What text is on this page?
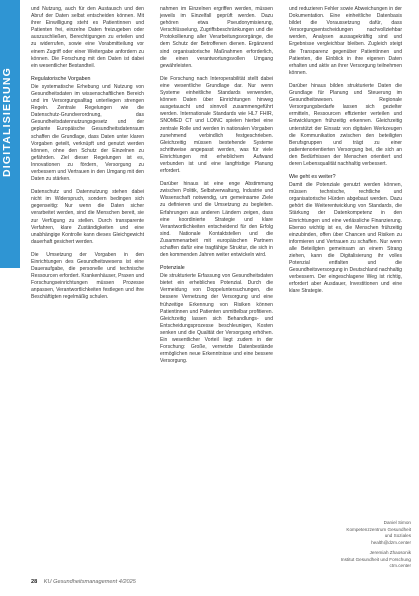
DIGITALISIERUNG

und Nutzung, auch für den Austausch und den Abruf der Daten selbst entscheiden können. Mit ihrer Einwilligung steht es Patientinnen und Patienten frei, einzelne Daten freizugeben oder auszuschließen, Berechtigungen zu erteilen und zu widerrufen, sowie eine Vorabmitteilung vor einem Zugriff oder einer Weitergabe anfordern zu können. Die Forschung mit den Daten ist dabei ein wesentlicher Bestandteil.

Regulatorische Vorgaben

Die systematische Erhebung und Nutzung von Gesundheitsdaten im wissenschaftlichen Bereich und im Versorgungsalltag unterliegen strengen Regeln. Zentrale Regelungen wie die Datenschutz-Grundverordnung, das Gesundheitsdatennutzungsgesetz und der geplante Europäische Gesundheitsdatenraum schaffen die Grundlage, dass Daten unter klaren Vorgaben geteilt, verknüpft und genutzt werden können, ohne den Schutz der Einzelnen zu gefährden. Ziel dieser Regelungen ist es, Innovationen zu fördern, Versorgung zu verbessern und Vertrauen in den Umgang mit den Daten zu stärken.

Datenschutz und Datennutzung stehen dabei nicht im Widerspruch, sondern bedingen sich gegenseitig: Nur wenn die Daten sicher verarbeitet werden, sind die Menschen bereit, sie zur Verfügung zu stellen. Durch transparente Verfahren, klare Zuständigkeiten und eine unabhängige Kontrolle kann dieses Gleichgewicht dauerhaft gesichert werden.

Die Umsetzung der Vorgaben in den Einrichtungen des Gesundheitswesens ist eine Daueraufgabe, die personelle und technische Ressourcen erfordert. Krankenhäuser, Praxen und Forschungseinrichtungen müssen Prozesse anpassen, Verantwortlichkeiten festlegen und ihre Beschäftigten regelmäßig schulen.

nahmen im Einzelnen ergriffen werden, müssen jeweils im Einzelfall geprüft werden. Dazu gehören etwa Pseudonymisierung, Verschlüsselung, Zugriffsbeschränkungen und die Protokollierung aller Verarbeitungsvorgänge, die dem Schutz der Betroffenen dienen. Ergänzend sind organisatorische Maßnahmen erforderlich, die einen verantwortungsvollen Umgang gewährleisten.

Die Forschung nach Interoperabilität stellt dabei eine wesentliche Grundlage dar. Nur wenn Systeme einheitliche Standards verwenden, können Daten über Einrichtungen hinweg ausgetauscht und sinnvoll zusammengeführt werden. Internationale Standards wie HL7 FHIR, SNOMED CT und LOINC spielen hierbei eine zentrale Rolle und werden in nationalen Vorgaben zunehmend verbindlich festgeschrieben. Gleichzeitig müssen bestehende Systeme schrittweise angepasst werden, was für viele Einrichtungen mit erheblichem Aufwand verbunden ist und eine langfristige Planung erfordert.

Darüber hinaus ist eine enge Abstimmung zwischen Politik, Selbstverwaltung, Industrie und Wissenschaft notwendig, um gemeinsame Ziele zu definieren und die Umsetzung zu begleiten. Erfahrungen aus anderen Ländern zeigen, dass eine koordinierte Strategie und klare Verantwortlichkeiten entscheidend für den Erfolg sind. Nationale Kontaktstellen und die Zusammenarbeit mit europäischen Partnern schaffen dafür eine tragfähige Struktur, die sich in den kommenden Jahren weiter entwickeln wird.

Potenziale

Die strukturierte Erfassung von Gesundheitsdaten bietet ein erhebliches Potenzial. Durch die Vermeidung von Doppeluntersuchungen, die bessere Vernetzung der Versorgung und eine frühzeitige Erkennung von Risiken können Patientinnen und Patienten unmittelbar profitieren. Gleichzeitig lassen sich Behandlungs- und Entscheidungsprozesse beschleunigen, Kosten senken und die Qualität der Versorgung erhöhen. Ein wesentlicher Vorteil liegt zudem in der Forschung: Große, vernetzte Datenbestände ermöglichen neue Erkenntnisse und eine bessere Versorgung.

und reduzieren Fehler sowie Abweichungen in der Dokumentation. Eine einheitliche Datenbasis bildet die Voraussetzung dafür, dass Versorgungsentscheidungen nachvollziehbar werden, Analysen aussagekräftig sind und Ergebnisse vergleichbar bleiben. Zugleich steigt die Transparenz gegenüber Patientinnen und Patienten, die Einblick in ihre eigenen Daten erhalten und aktiv an ihrer Versorgung teilnehmen können.

Darüber hinaus bilden strukturierte Daten die Grundlage für Planung und Steuerung im Gesundheitswesen. Regionale Versorgungsbedarfe lassen sich gezielter ermitteln, Ressourcen effizienter verteilen und Entwicklungen frühzeitig erkennen. Gleichzeitig unterstützt der Einsatz von digitalen Werkzeugen die Kommunikation zwischen den beteiligten Berufsgruppen und trägt zu einer patientenorientierten Versorgung bei, die sich an den Bedürfnissen der Menschen orientiert und deren Lebensqualität nachhaltig verbessert.

Wie geht es weiter?

Damit die Potenziale genutzt werden können, müssen technische, rechtliche und organisatorische Hürden abgebaut werden. Dazu gehört die Weiterentwicklung von Standards, die Stärkung der Datenkompetenz in den Einrichtungen und eine verlässliche Finanzierung. Ebenso wichtig ist es, die Menschen frühzeitig einzubinden, offen über Chancen und Risiken zu informieren und Vertrauen zu schaffen. Nur wenn alle Beteiligten gemeinsam an einem Strang ziehen, kann die Digitalisierung ihr volles Potenzial entfalten und die Gesundheitsversorgung in Deutschland nachhaltig verbessern. Der eingeschlagene Weg ist richtig, erfordert aber Ausdauer, Investitionen und eine klare Strategie.

Daniel Simon
Kompetenzzentrum Gesundheit
und Soziales
health@dzm.center
Jeremiah Zhaosonik
Institut Gesundheit und Forschung
ctm.center
28 KU Gesundheitsmanagement 4/2025
